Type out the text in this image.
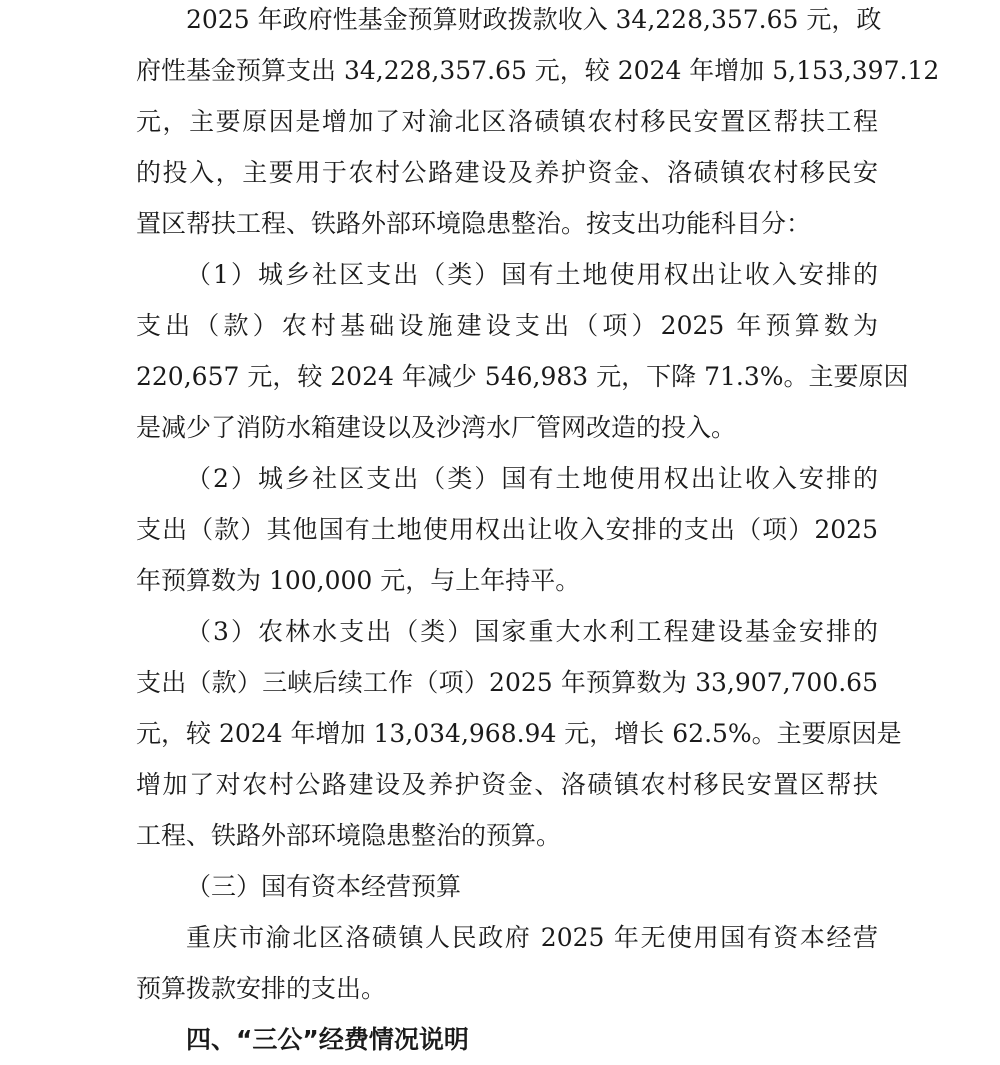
2025 年政府性基金预算财政拨款收入 34,228,357.65 元，政
府性基金预算支出 34,228,357.65 元，较 2024 年增加 5,153,397.12
元，主要原因是增加了对渝北区洛碛镇农村移民安置区帮扶工程
的投入，主要用于农村公路建设及养护资金、洛碛镇农村移民安
置区帮扶工程、铁路外部环境隐患整治。按支出功能科目分：
（1）城乡社区支出（类）国有土地使用权出让收入安排的
支出（款）农村基础设施建设支出（项）2025 年预算数为
220,657 元，较 2024 年减少 546,983 元，下降 71.3%。主要原因
是减少了消防水箱建设以及沙湾水厂管网改造的投入。
（2）城乡社区支出（类）国有土地使用权出让收入安排的
支出（款）其他国有土地使用权出让收入安排的支出（项）2025
年预算数为 100,000 元，与上年持平。
（3）农林水支出（类）国家重大水利工程建设基金安排的
支出（款）三峡后续工作（项）2025 年预算数为 33,907,700.65
元，较 2024 年增加 13,034,968.94 元，增长 62.5%。主要原因是
增加了对农村公路建设及养护资金、洛碛镇农村移民安置区帮扶
工程、铁路外部环境隐患整治的预算。
（三）国有资本经营预算
重庆市渝北区洛碛镇人民政府 2025 年无使用国有资本经营
预算拨款安排的支出。
四、“三公”经费情况说明
